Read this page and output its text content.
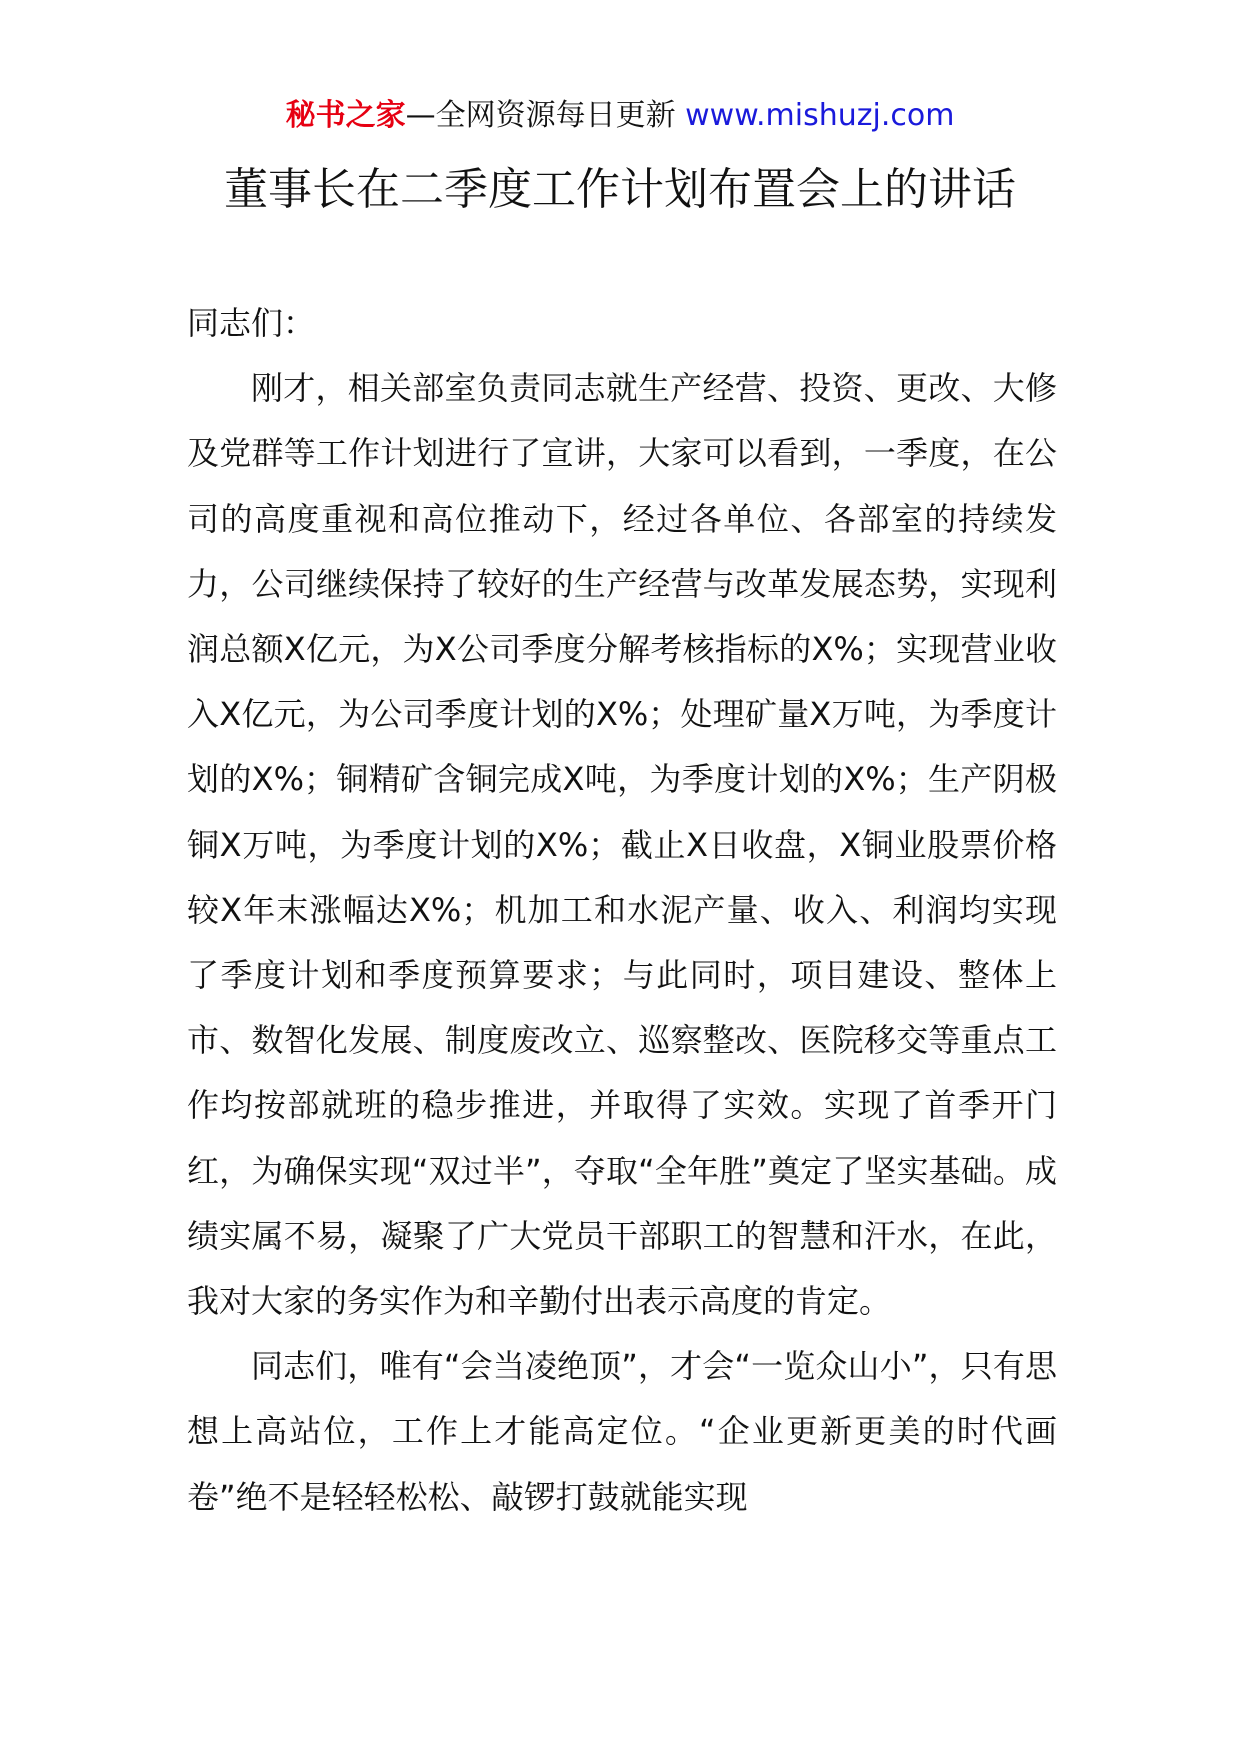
秘书之家—全网资源每日更新 www.mishuzj.com
董事长在二季度工作计划布置会上的讲话

同志们：

刚才，相关部室负责同志就生产经营、投资、更改、大修及党群等工作计划进行了宣讲，大家可以看到，一季度，在公司的高度重视和高位推动下，经过各单位、各部室的持续发力，公司继续保持了较好的生产经营与改革发展态势，实现利润总额X亿元，为X公司季度分解考核指标的X%；实现营业收入X亿元，为公司季度计划的X%；处理矿量X万吨，为季度计划的X%；铜精矿含铜完成X吨，为季度计划的X%；生产阴极铜X万吨，为季度计划的X%；截止X日收盘，X铜业股票价格较X年末涨幅达X%；机加工和水泥产量、收入、利润均实现了季度计划和季度预算要求；与此同时，项目建设、整体上市、数智化发展、制度废改立、巡察整改、医院移交等重点工作均按部就班的稳步推进，并取得了实效。实现了首季开门红，为确保实现“双过半”，夺取“全年胜”奠定了坚实基础。成绩实属不易，凝聚了广大党员干部职工的智慧和汗水，在此，我对大家的务实作为和辛勤付出表示高度的肯定。

同志们，唯有“会当凌绝顶”，才会“一览众山小”，只有思想上高站位，工作上才能高定位。“企业更新更美的时代画卷”绝不是轻轻松松、敲锣打鼓就能实现
